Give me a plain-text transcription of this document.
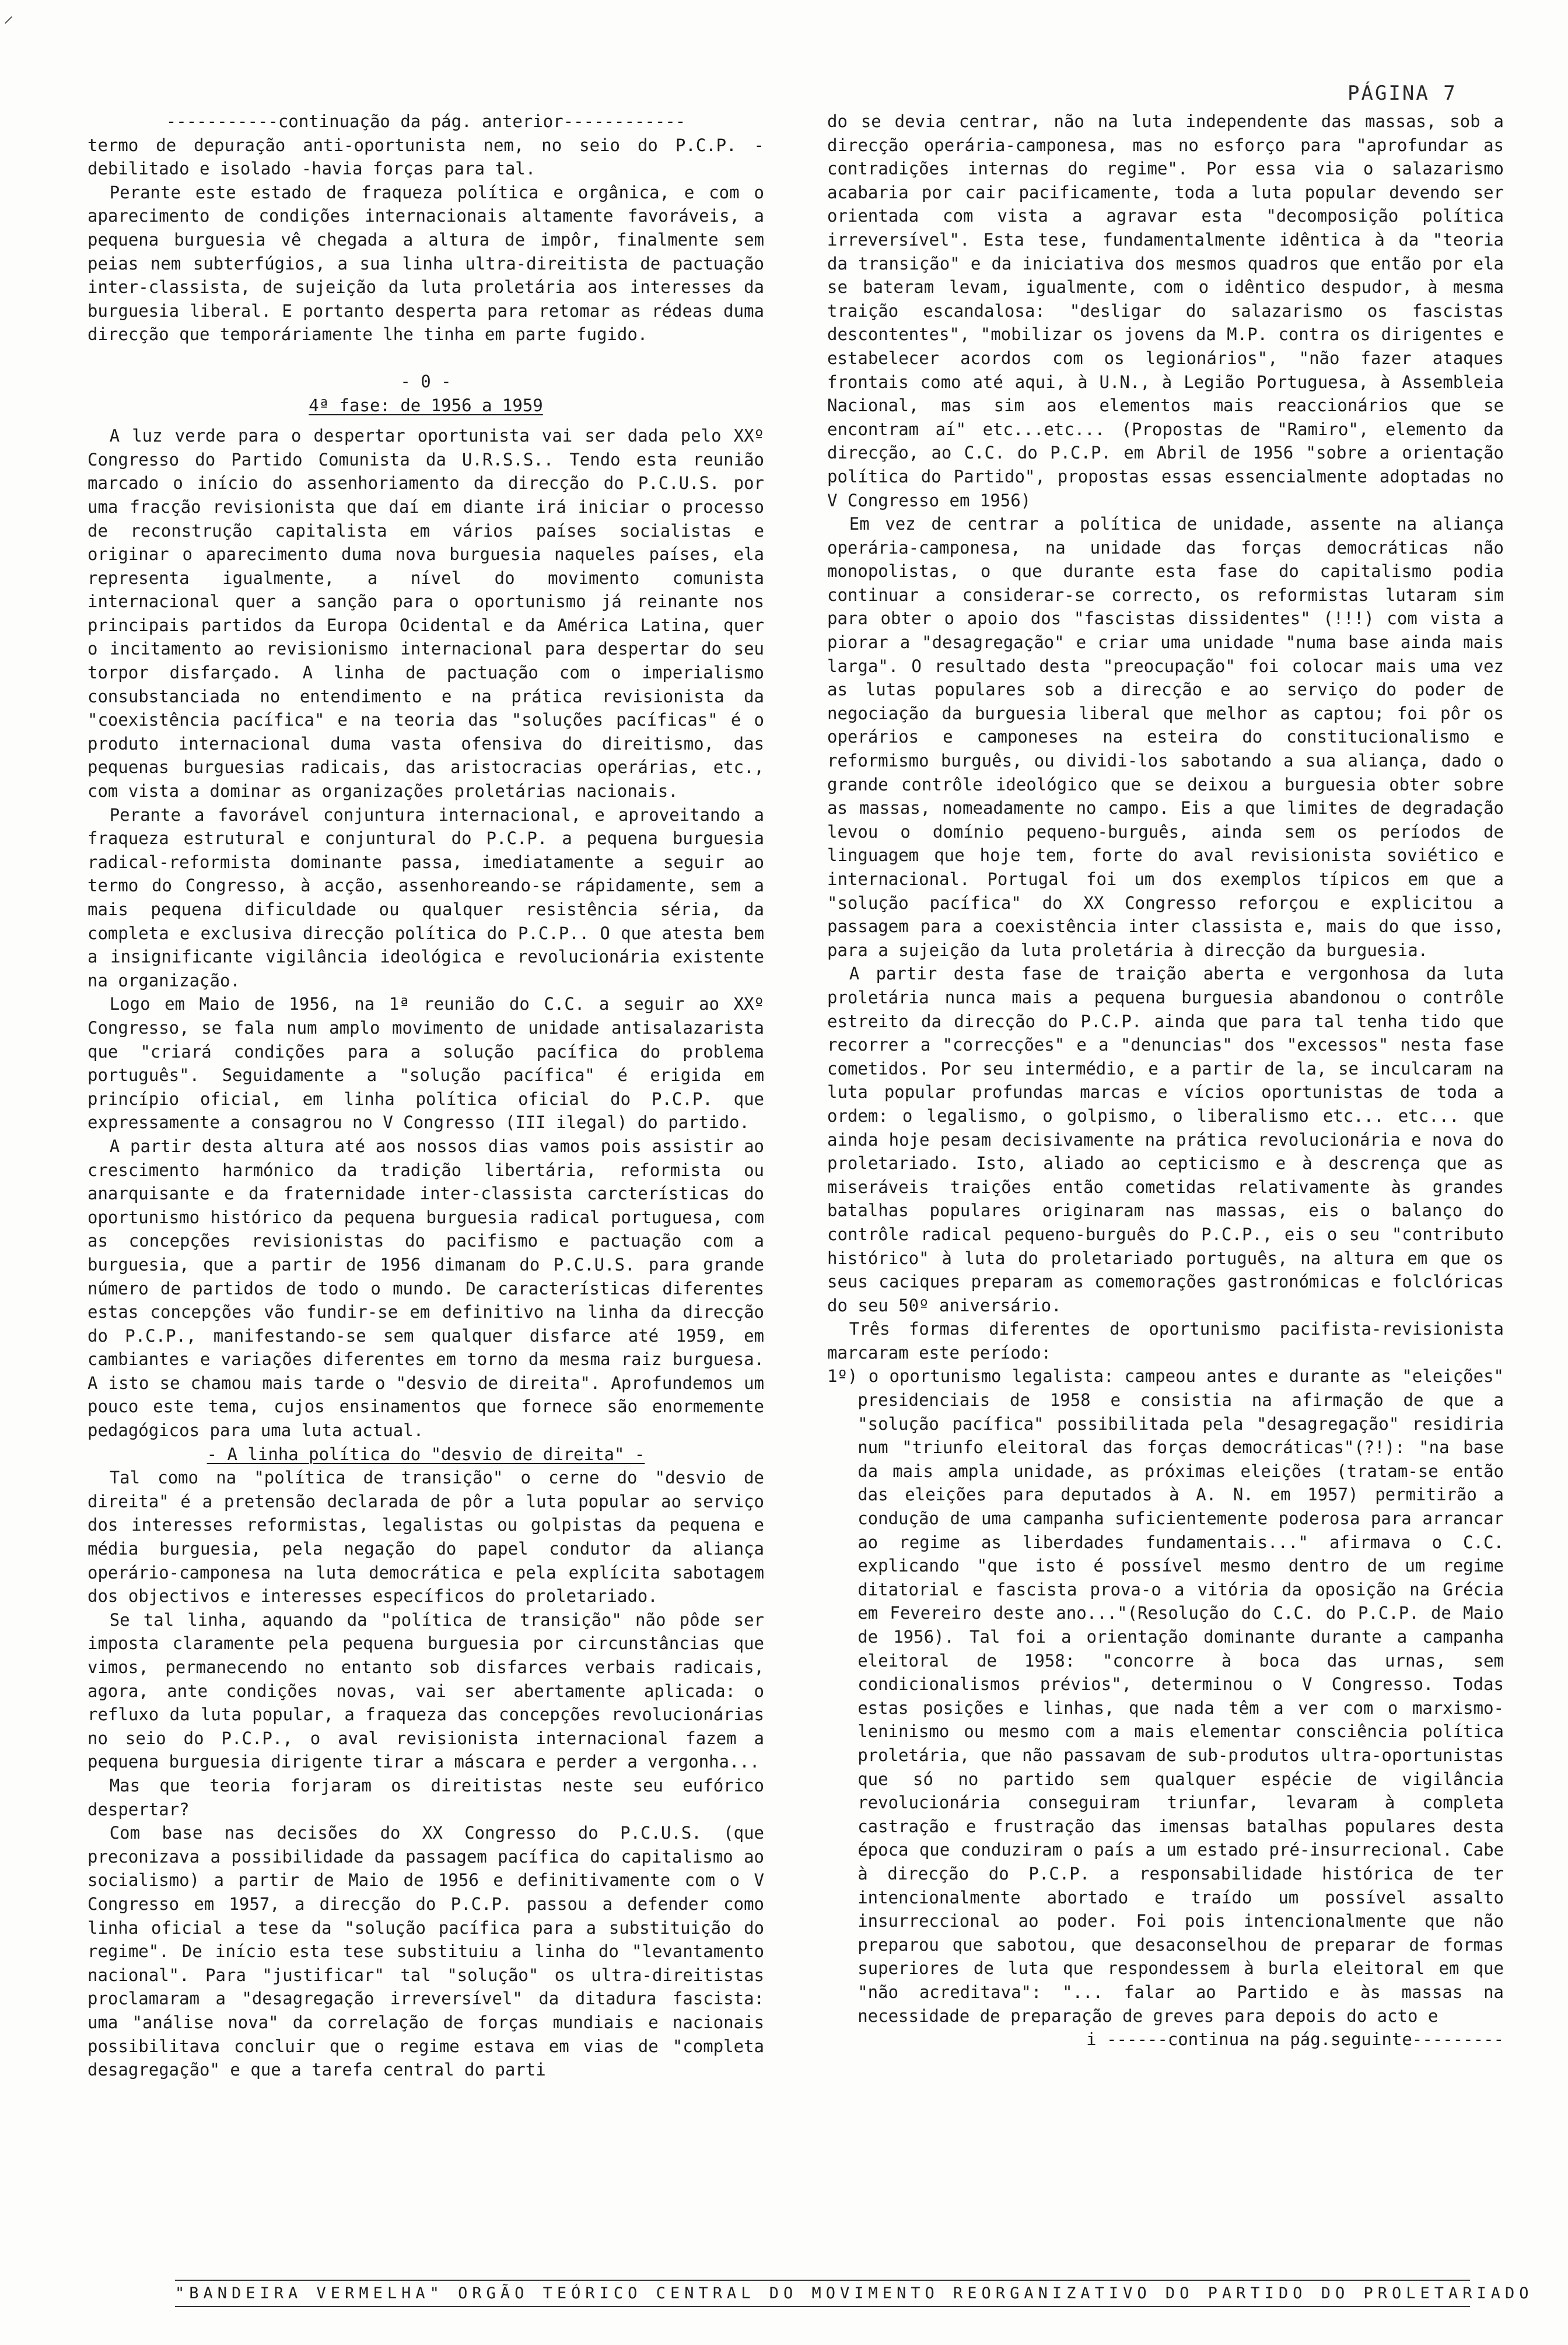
⸝
PÁGINA 7

-----------continuação da pág. anterior------------

termo de depuração anti-oportunista nem, no seio do P.C.P. - debilitado e isolado -havia forças para tal.

Perante este estado de fraqueza política e orgânica, e com o aparecimento de condições internacionais altamente favoráveis, a pequena burguesia vê chegada a altura de impôr, finalmente sem peias nem subterfúgios, a sua linha ultra-direitista de pactuação inter-classista, de sujeição da luta proletária aos interesses da burguesia liberal. E portanto desperta para retomar as rédeas duma direcção que temporáriamente lhe tinha em parte fugido.

- 0 -

4ª fase: de 1956 a 1959

A luz verde para o despertar oportunista vai ser dada pelo XXº Congresso do Partido Comunista da U.R.S.S.. Tendo esta reunião marcado o início do assenhoriamento da direcção do P.C.U.S. por uma fracção revisionista que daí em diante irá iniciar o processo de reconstrução capitalista em vários países socialistas e originar o aparecimento duma nova burguesia naqueles países, ela representa igualmente, a nível do movimento comunista internacional quer a sanção para o oportunismo já reinante nos principais partidos da Europa Ocidental e da América Latina, quer o incitamento ao revisionismo internacional para despertar do seu torpor disfarçado. A linha de pactuação com o imperialismo consubstanciada no entendimento e na prática revisionista da "coexistência pacífica" e na teoria das "soluções pacíficas" é o produto internacional duma vasta ofensiva do direitismo, das pequenas burguesias radicais, das aristocracias operárias, etc., com vista a dominar as organizações proletárias nacionais.

Perante a favorável conjuntura internacional, e aproveitando a fraqueza estrutural e conjuntural do P.C.P. a pequena burguesia radical-reformista dominante passa, imediatamente a seguir ao termo do Congresso, à acção, assenhoreando-se rápidamente, sem a mais pequena dificuldade ou qualquer resistência séria, da completa e exclusiva direcção política do P.C.P.. O que atesta bem a insignificante vigilância ideológica e revolucionária existente na organização.

Logo em Maio de 1956, na 1ª reunião do C.C. a seguir ao XXº Congresso, se fala num amplo movimento de unidade antisalazarista que "criará condições para a solução pacífica do problema português". Seguidamente a "solução pacífica" é erigida em princípio oficial, em linha política oficial do P.C.P. que expressamente a consagrou no V Congresso (III ilegal) do partido.

A partir desta altura até aos nossos dias vamos pois assistir ao crescimento harmónico da tradição libertária, reformista ou anarquisante e da fraternidade inter-classista carcterísticas do oportunismo histórico da pequena burguesia radical portuguesa, com as concepções revisionistas do pacifismo e pactuação com a burguesia, que a partir de 1956 dimanam do P.C.U.S. para grande número de partidos de todo o mundo. De características diferentes estas concepções vão fundir-se em definitivo na linha da direcção do P.C.P., manifestando-se sem qualquer disfarce até 1959, em cambiantes e variações diferentes em torno da mesma raiz burguesa. A isto se chamou mais tarde o "desvio de direita". Aprofundemos um pouco este tema, cujos ensinamentos que fornece são enormemente pedagógicos para uma luta actual.

- A linha política do "desvio de direita" -

Tal como na "política de transição" o cerne do "desvio de direita" é a pretensão declarada de pôr a luta popular ao serviço dos interesses reformistas, legalistas ou golpistas da pequena e média burguesia, pela negação do papel condutor da aliança operário-camponesa na luta democrática e pela explícita sabotagem dos objectivos e interesses específicos do proletariado.

Se tal linha, aquando da "política de transição" não pôde ser imposta claramente pela pequena burguesia por circunstâncias que vimos, permanecendo no entanto sob disfarces verbais radicais, agora, ante condições novas, vai ser abertamente aplicada: o refluxo da luta popular, a fraqueza das concepções revolucionárias no seio do P.C.P., o aval revisionista internacional fazem a pequena burguesia dirigente tirar a máscara e perder a vergonha...

Mas que teoria forjaram os direitistas neste seu eufórico despertar?

Com base nas decisões do XX Congresso do P.C.U.S. (que preconizava a possibilidade da passagem pacífica do capitalismo ao socialismo) a partir de Maio de 1956 e definitivamente com o V Congresso em 1957, a direcção do P.C.P. passou a defender como linha oficial a tese da "solução pacífica para a substituição do regime". De início esta tese substituiu a linha do "levantamento nacional". Para "justificar" tal "solução" os ultra-direitistas proclamaram a "desagregação irreversível" da ditadura fascista: uma "análise nova" da correlação de forças mundiais e nacionais possibilitava concluir que o regime estava em vias de "completa desagregação" e que a tarefa central do parti

do se devia centrar, não na luta independente das massas, sob a direcção operária-camponesa, mas no esforço para "aprofundar as contradições internas do regime". Por essa via o salazarismo acabaria por cair pacificamente, toda a luta popular devendo ser orientada com vista a agravar esta "decomposição política irreversível". Esta tese, fundamentalmente idêntica à da "teoria da transição" e da iniciativa dos mesmos quadros que então por ela se bateram levam, igualmente, com o idêntico despudor, à mesma traição escandalosa: "desligar do salazarismo os fascistas descontentes", "mobilizar os jovens da M.P. contra os dirigentes e estabelecer acordos com os legionários", "não fazer ataques frontais como até aqui, à U.N., à Legião Portuguesa, à Assembleia Nacional, mas sim aos elementos mais reaccionários que se encontram aí" etc...etc... (Propostas de "Ramiro", elemento da direcção, ao C.C. do P.C.P. em Abril de 1956 "sobre a orientação política do Partido", propostas essas essencialmente adoptadas no V Congresso em 1956)

Em vez de centrar a política de unidade, assente na aliança operária-camponesa, na unidade das forças democráticas não monopolistas, o que durante esta fase do capitalismo podia continuar a considerar-se correcto, os reformistas lutaram sim para obter o apoio dos "fascistas dissidentes" (!!!) com vista a piorar a "desagregação" e criar uma unidade "numa base ainda mais larga". O resultado desta "preocupação" foi colocar mais uma vez as lutas populares sob a direcção e ao serviço do poder de negociação da burguesia liberal que melhor as captou; foi pôr os operários e camponeses na esteira do constitucionalismo e reformismo burguês, ou dividi-los sabotando a sua aliança, dado o grande contrôle ideológico que se deixou a burguesia obter sobre as massas, nomeadamente no campo. Eis a que limites de degradação levou o domínio pequeno-burguês, ainda sem os períodos de linguagem que hoje tem, forte do aval revisionista soviético e internacional. Portugal foi um dos exemplos típicos em que a "solução pacífica" do XX Congresso reforçou e explicitou a passagem para a coexistência inter classista e, mais do que isso, para a sujeição da luta proletária à direcção da burguesia.

A partir desta fase de traição aberta e vergonhosa da luta proletária nunca mais a pequena burguesia abandonou o contrôle estreito da direcção do P.C.P. ainda que para tal tenha tido que recorrer a "correcções" e a "denuncias" dos "excessos" nesta fase cometidos. Por seu intermédio, e a partir de la, se inculcaram na luta popular profundas marcas e vícios oportunistas de toda a ordem: o legalismo, o golpismo, o liberalismo etc... etc... que ainda hoje pesam decisivamente na prática revolucionária e nova do proletariado. Isto, aliado ao cepticismo e à descrença que as miseráveis traições então cometidas relativamente às grandes batalhas populares originaram nas massas, eis o balanço do contrôle radical pequeno-burguês do P.C.P., eis o seu "contributo histórico" à luta do proletariado português, na altura em que os seus caciques preparam as comemorações gastronómicas e folclóricas do seu 50º aniversário.

Três formas diferentes de oportunismo pacifista-revisionista marcaram este período:

1º) o oportunismo legalista: campeou antes e durante as "eleições" presidenciais de 1958 e consistia na afirmação de que a "solução pacífica" possibilitada pela "desagregação" residiria num "triunfo eleitoral das forças democráticas"(?!): "na base da mais ampla unidade, as próximas eleições (tratam-se então das eleições para deputados à A. N. em 1957) permitirão a condução de uma campanha suficientemente poderosa para arrancar ao regime as liberdades fundamentais..." afirmava o C.C. explicando "que isto é possível mesmo dentro de um regime ditatorial e fascista prova-o a vitória da oposição na Grécia em Fevereiro deste ano..."(Resolução do C.C. do P.C.P. de Maio de 1956). Tal foi a orientação dominante durante a campanha eleitoral de 1958: "concorre à boca das urnas, sem condicionalismos prévios", determinou o V Congresso. Todas estas posições e linhas, que nada têm a ver com o marxismo-leninismo ou mesmo com a mais elementar consciência política proletária, que não passavam de sub-produtos ultra-oportunistas que só no partido sem qualquer espécie de vigilância revolucionária conseguiram triunfar, levaram à completa castração e frustração das imensas batalhas populares desta época que conduziram o país a um estado pré-insurrecional. Cabe à direcção do P.C.P. a responsabilidade histórica de ter intencionalmente abortado e traído um possível assalto insurreccional ao poder. Foi pois intencionalmente que não preparou que sabotou, que desaconselhou de preparar de formas superiores de luta que respondessem à burla eleitoral em que "não acreditava": "... falar ao Partido e às massas na necessidade de preparação de greves para depois do acto e

i ------continua na pág.seguinte---------

"BANDEIRA VERMELHA" ORGÃO TEÓRICO CENTRAL DO MOVIMENTO REORGANIZATIVO DO PARTIDO DO PROLETARIADO
